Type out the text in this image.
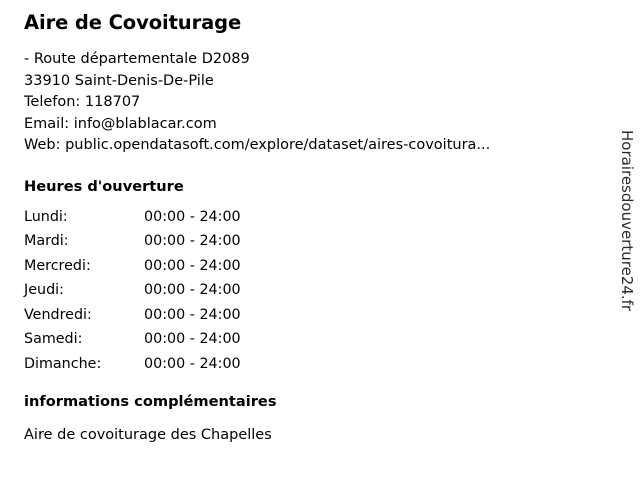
Aire de Covoiturage
- Route départementale D2089
33910 Saint-Denis-De-Pile
Telefon: 118707
Email: info@blablacar.com
Web: public.opendatasoft.com/explore/dataset/aires-covoitura...
Heures d'ouverture
Lundi:	00:00 - 24:00
Mardi:	00:00 - 24:00
Mercredi:	00:00 - 24:00
Jeudi:	00:00 - 24:00
Vendredi:	00:00 - 24:00
Samedi:	00:00 - 24:00
Dimanche:	00:00 - 24:00
informations complémentaires
Aire de covoiturage des Chapelles
Horairesdouverture24.fr
